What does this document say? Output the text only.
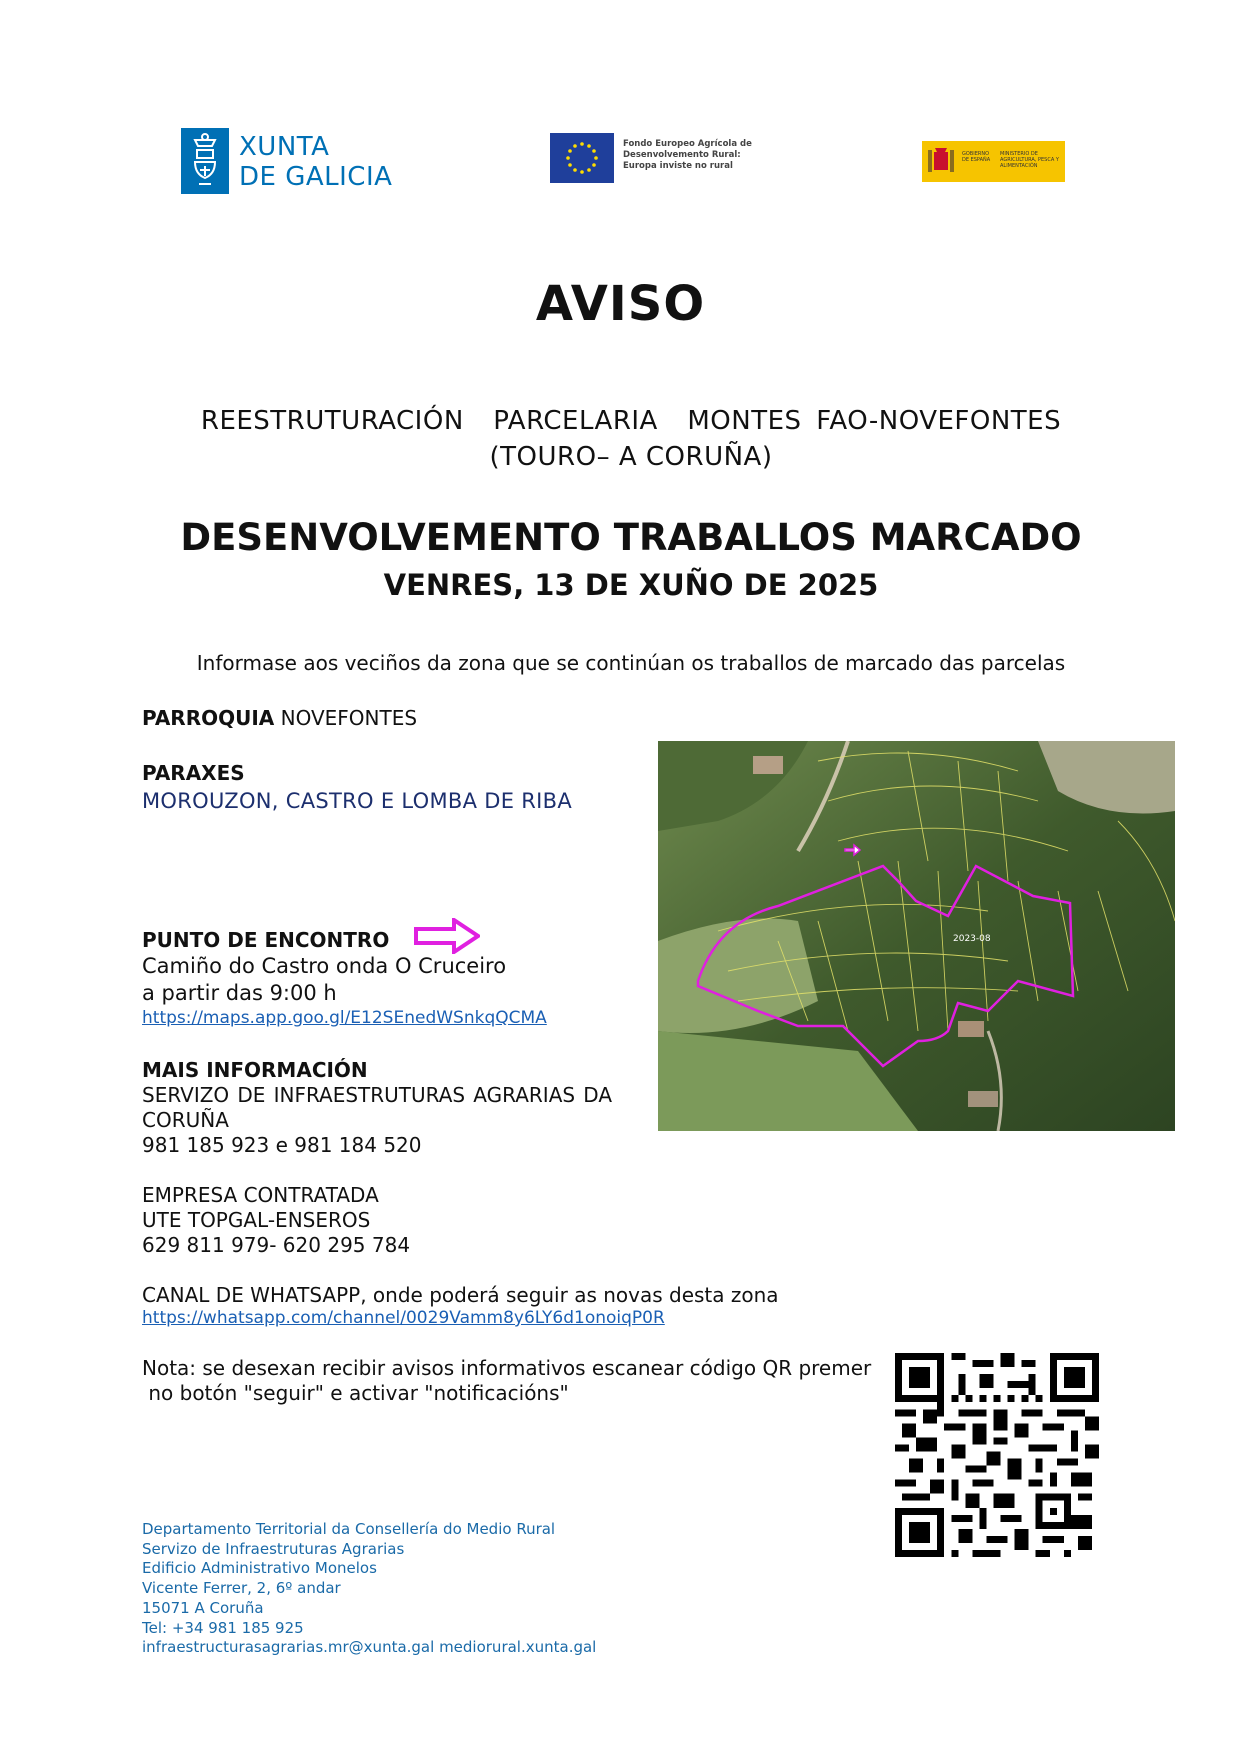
XUNTA
DE GALICIA
Fondo Europeo Agrícola de
Desenvolvemento Rural:
Europa inviste no rural
GOBIERNO DE ESPAÑA
MINISTERIO DE AGRICULTURA, PESCA Y ALIMENTACIÓN
AVISO
REESTRUTURACIÓN  PARCELARIA  MONTES FAO-NOVEFONTES
(TOURO– A CORUÑA)
DESENVOLVEMENTO TRABALLOS MARCADO
VENRES, 13 DE XUÑO DE 2025
Informase aos veciños da zona que se continúan os traballos de marcado das parcelas
PARROQUIA NOVEFONTES
PARAXES
MOROUZON, CASTRO E LOMBA DE RIBA
PUNTO DE ENCONTRO
Camiño do Castro onda O Cruceiro
a partir das 9:00 h
https://maps.app.goo.gl/E12SEnedWSnkqQCMA
MAIS INFORMACIÓN
SERVIZO DE INFRAESTRUTURAS AGRARIAS DA
CORUÑA
981 185 923 e 981 184 520
EMPRESA CONTRATADA
UTE TOPGAL-ENSEROS
629 811 979- 620 295 784
CANAL DE WHATSAPP, onde poderá seguir as novas desta zona
https://whatsapp.com/channel/0029Vamm8y6LY6d1onoiqP0R
Nota: se desexan recibir avisos informativos escanear código QR premer
no botón "seguir" e activar "notificacións"
2023-08
Departamento Territorial da Consellería do Medio Rural
Servizo de Infraestruturas Agrarias
Edificio Administrativo Monelos
Vicente Ferrer, 2, 6º andar
15071 A Coruña
Tel: +34 981 185 925
infraestructurasagrarias.mr@xunta.gal mediorural.xunta.gal
